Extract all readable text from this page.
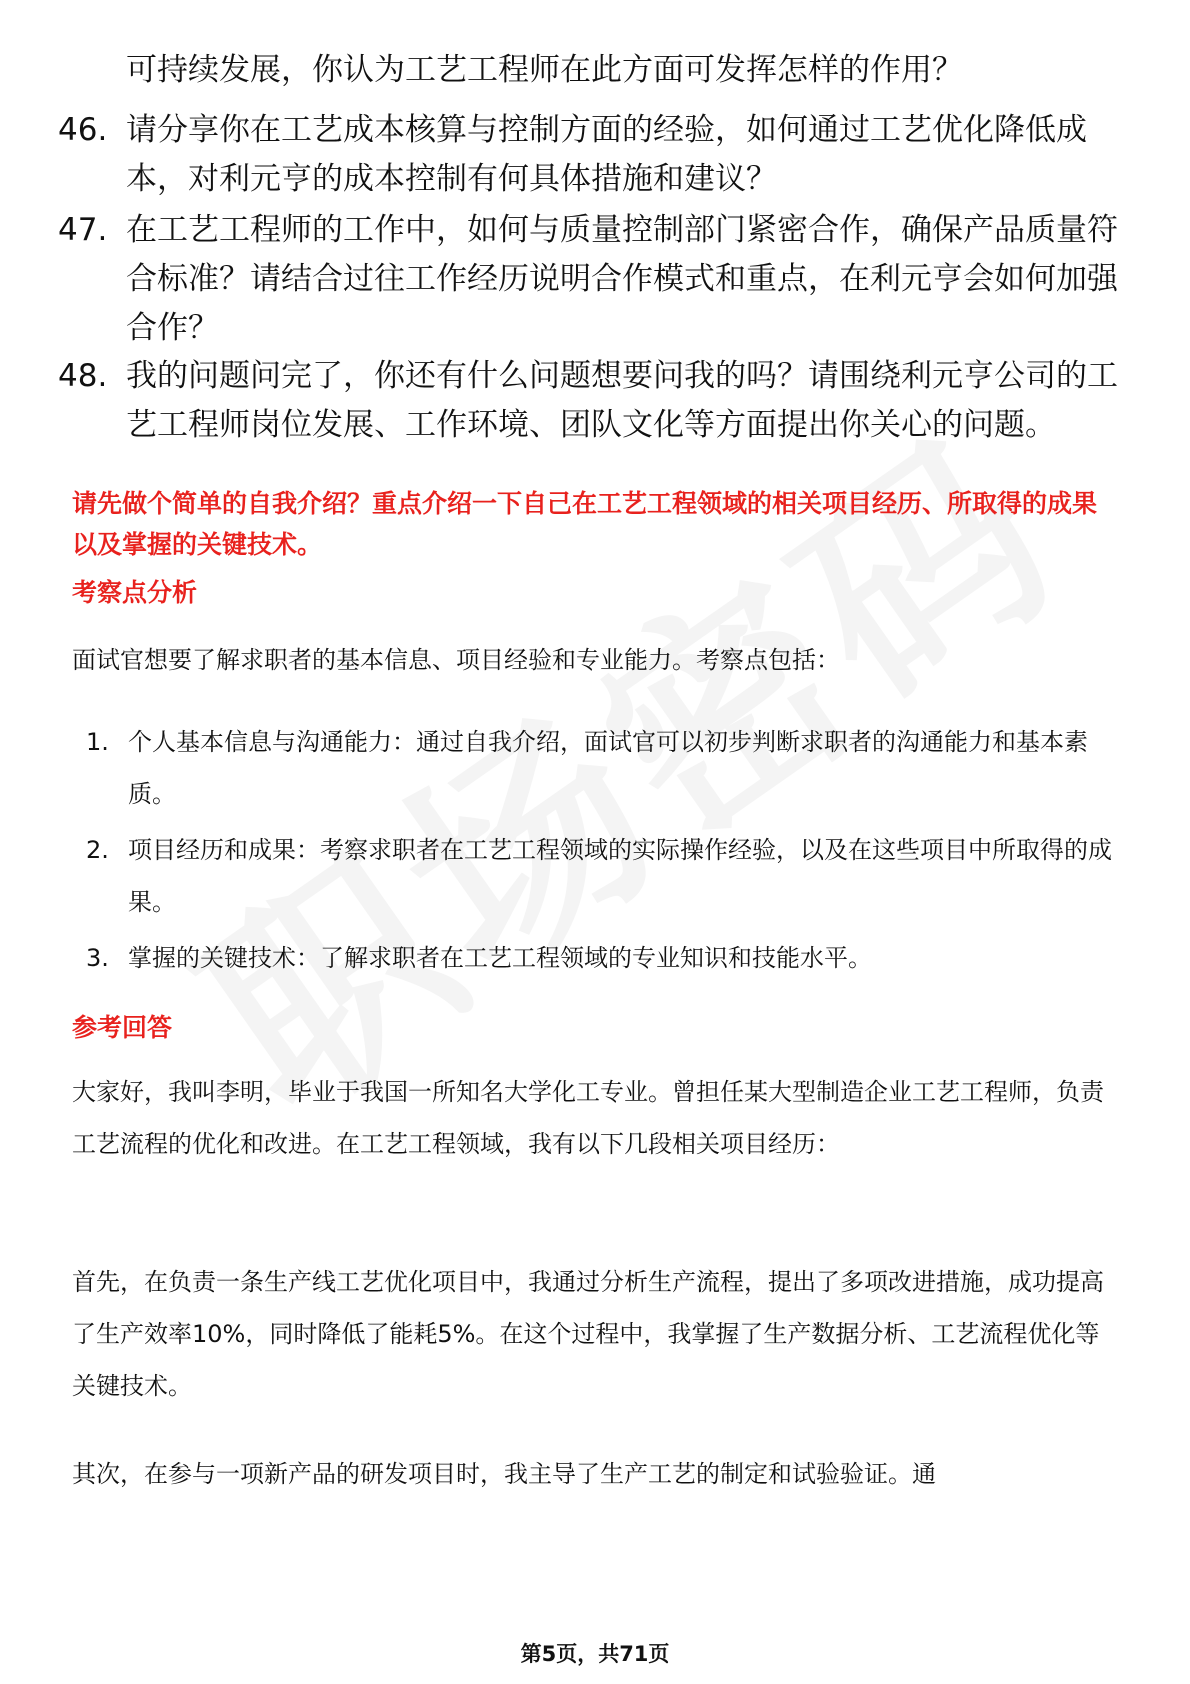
可持续发展，你认为工艺工程师在此方面可发挥怎样的作用？
46. 请分享你在工艺成本核算与控制方面的经验，如何通过工艺优化降低成本，对利元亨的成本控制有何具体措施和建议？
47. 在工艺工程师的工作中，如何与质量控制部门紧密合作，确保产品质量符合标准？请结合过往工作经历说明合作模式和重点，在利元亨会如何加强合作？
48. 我的问题问完了，你还有什么问题想要问我的吗？请围绕利元亨公司的工艺工程师岗位发展、工作环境、团队文化等方面提出你关心的问题。
请先做个简单的自我介绍？重点介绍一下自己在工艺工程领域的相关项目经历、所取得的成果以及掌握的关键技术。
考察点分析
面试官想要了解求职者的基本信息、项目经验和专业能力。考察点包括：
1. 个人基本信息与沟通能力：通过自我介绍，面试官可以初步判断求职者的沟通能力和基本素质。
2. 项目经历和成果：考察求职者在工艺工程领域的实际操作经验，以及在这些项目中所取得的成果。
3. 掌握的关键技术：了解求职者在工艺工程领域的专业知识和技能水平。
参考回答
大家好，我叫李明，毕业于我国一所知名大学化工专业。曾担任某大型制造企业工艺工程师，负责工艺流程的优化和改进。在工艺工程领域，我有以下几段相关项目经历：
首先，在负责一条生产线工艺优化项目中，我通过分析生产流程，提出了多项改进措施，成功提高了生产效率10%，同时降低了能耗5%。在这个过程中，我掌握了生产数据分析、工艺流程优化等关键技术。
其次，在参与一项新产品的研发项目时，我主导了生产工艺的制定和试验验证。通
第5页，共71页
